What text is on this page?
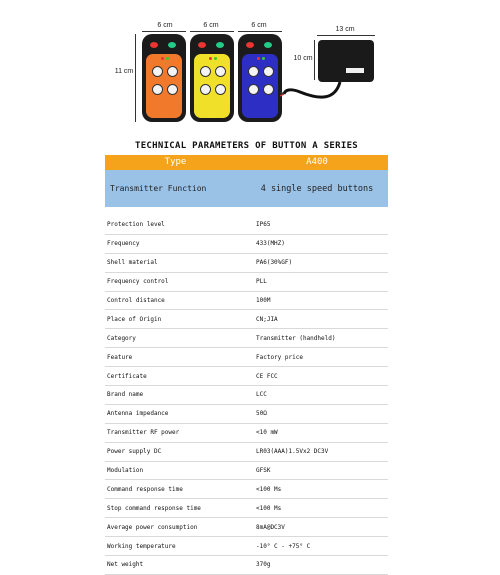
6 cm	6 cm	6 cm
11 cm
13 cm
10 cm
TECHNICAL PARAMETERS OF BUTTON A SERIES
Type	A400
Transmitter Function	4 single speed buttons
Protection level	IP65
Frequency	433(MHZ)
Shell material	PA6(30%GF)
Frequency control	PLL
Control distance	100M
Place of Origin	CN;JIA
Category	Transmitter (handheld)
Feature	Factory price
Certificate	CE FCC
Brand name	LCC
Antenna impedance	50Ω
Transmitter RF power	<10 mW
Power supply DC	LR03(AAA)1.5Vx2 DC3V
Modulation	GFSK
Command response time	<100 Ms
Stop command response time	<100 Ms
Average power consumption	8mA@DC3V
Working temperature	-10° C - +75° C
Net weight	370g
